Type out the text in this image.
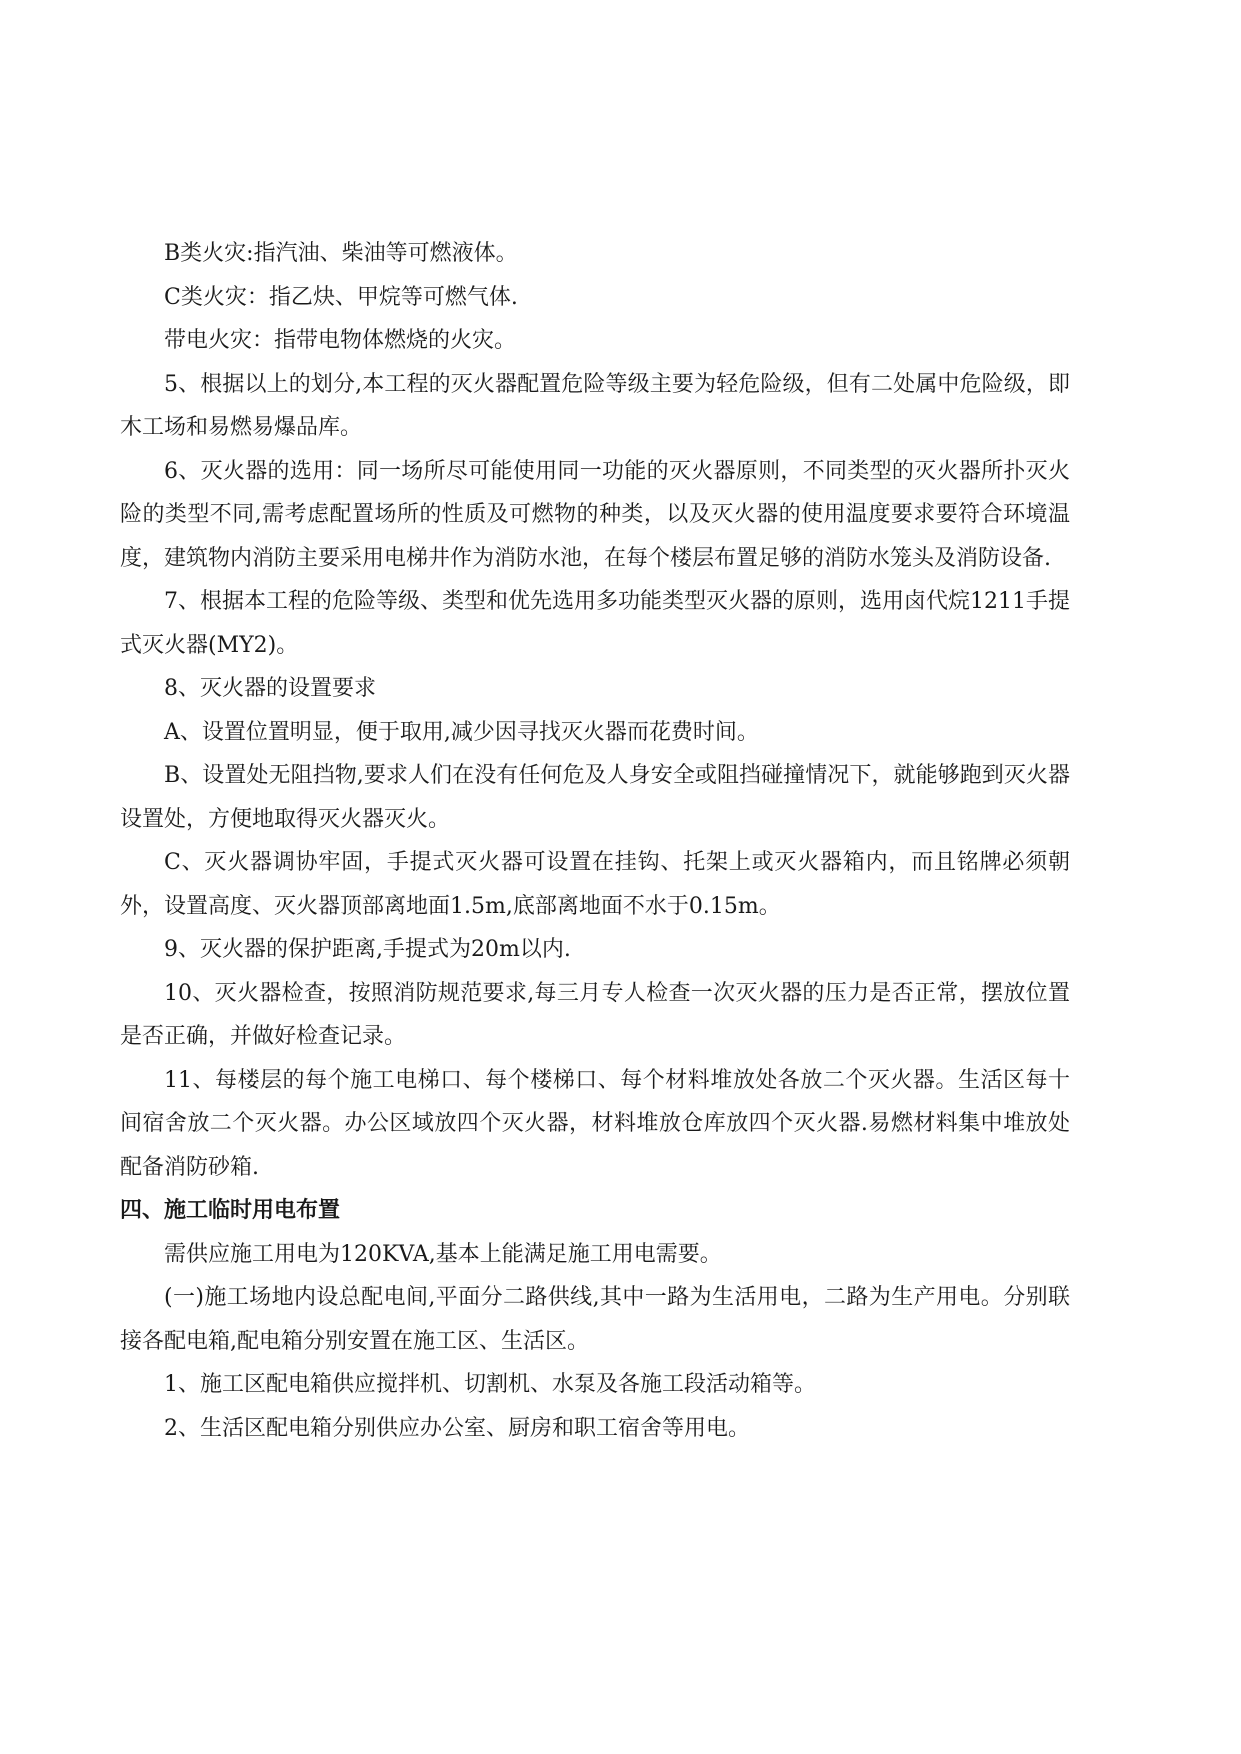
B类火灾:指汽油、柴油等可燃液体。

C类火灾：指乙炔、甲烷等可燃气体.

带电火灾：指带电物体燃烧的火灾。

5、根据以上的划分,本工程的灭火器配置危险等级主要为轻危险级，但有二处属中危险级，即木工场和易燃易爆品库。

6、灭火器的选用：同一场所尽可能使用同一功能的灭火器原则，不同类型的灭火器所扑灭火险的类型不同,需考虑配置场所的性质及可燃物的种类，以及灭火器的使用温度要求要符合环境温度，建筑物内消防主要采用电梯井作为消防水池，在每个楼层布置足够的消防水笼头及消防设备.

7、根据本工程的危险等级、类型和优先选用多功能类型灭火器的原则，选用卤代烷1211手提式灭火器(MY2)。

8、灭火器的设置要求

A、设置位置明显，便于取用,减少因寻找灭火器而花费时间。

B、设置处无阻挡物,要求人们在没有任何危及人身安全或阻挡碰撞情况下，就能够跑到灭火器设置处，方便地取得灭火器灭火。

C、灭火器调协牢固，手提式灭火器可设置在挂钩、托架上或灭火器箱内，而且铭牌必须朝外，设置高度、灭火器顶部离地面1.5m,底部离地面不水于0.15m。

9、灭火器的保护距离,手提式为20m以内.

10、灭火器检查，按照消防规范要求,每三月专人检查一次灭火器的压力是否正常，摆放位置是否正确，并做好检查记录。

11、每楼层的每个施工电梯口、每个楼梯口、每个材料堆放处各放二个灭火器。生活区每十间宿舍放二个灭火器。办公区域放四个灭火器，材料堆放仓库放四个灭火器.易燃材料集中堆放处配备消防砂箱.

四、施工临时用电布置

需供应施工用电为120KVA,基本上能满足施工用电需要。

(一)施工场地内设总配电间,平面分二路供线,其中一路为生活用电，二路为生产用电。分别联接各配电箱,配电箱分别安置在施工区、生活区。

1、施工区配电箱供应搅拌机、切割机、水泵及各施工段活动箱等。

2、生活区配电箱分别供应办公室、厨房和职工宿舍等用电。
